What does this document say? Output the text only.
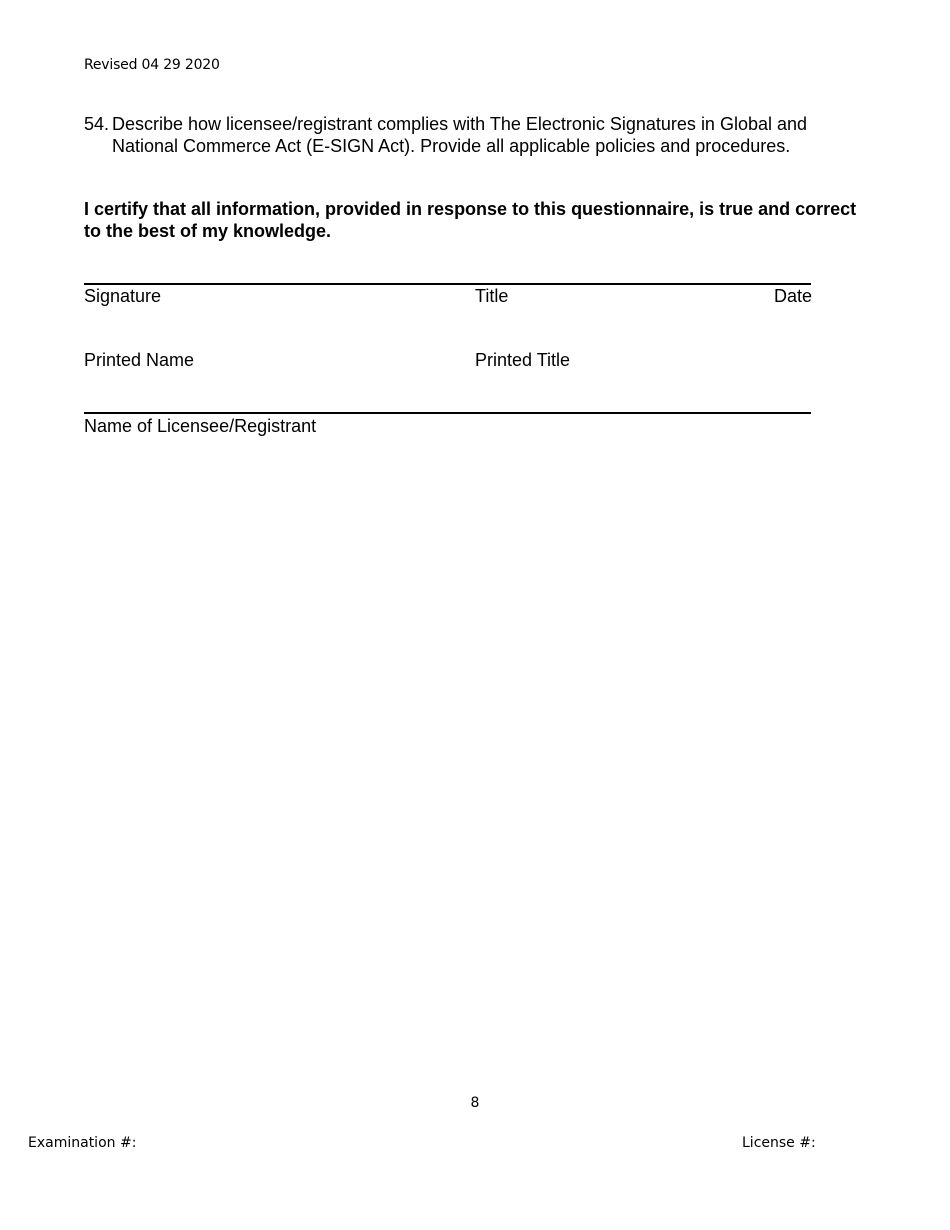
Revised 04 29 2020
54. Describe how licensee/registrant complies with The Electronic Signatures in Global and
National Commerce Act (E-SIGN Act). Provide all applicable policies and procedures.
I certify that all information, provided in response to this questionnaire, is true and correct
to the best of my knowledge.
Signature	Title	Date
Printed Name	Printed Title
Name of Licensee/Registrant
8
Examination #:	License #:
